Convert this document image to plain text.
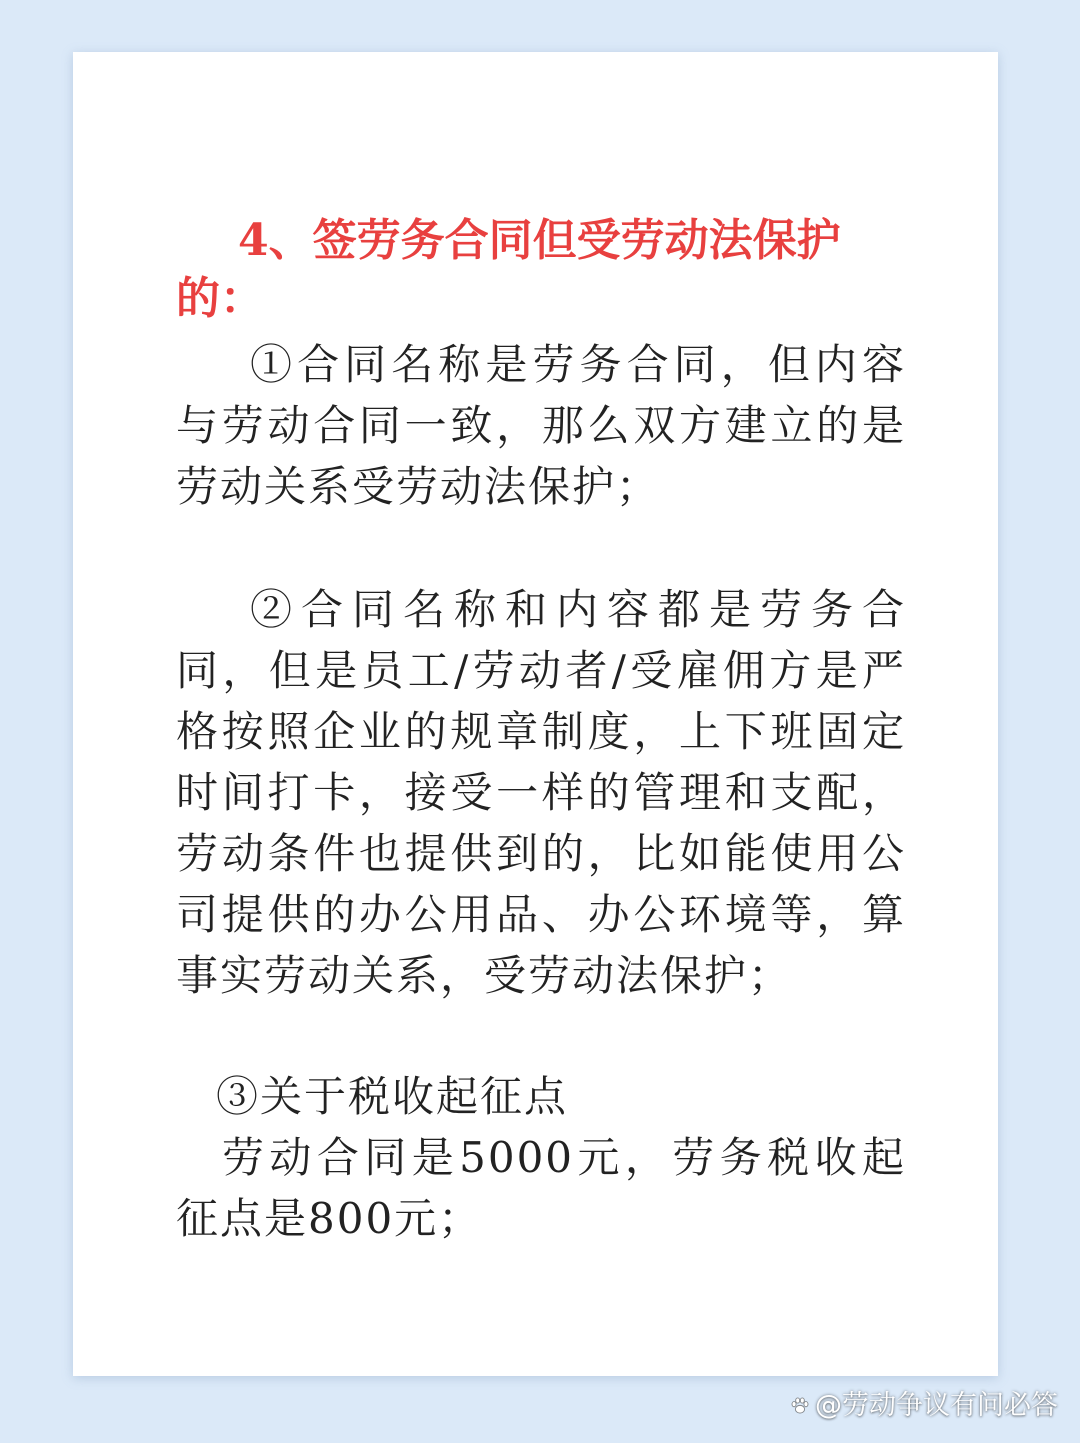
4、签劳务合同但受劳动法保护
的：

①合同名称是劳务合同，但内容与劳动合同一致，那么双方建立的是劳动关系受劳动法保护；

②合同名称和内容都是劳务合同，但是员工/劳动者/受雇佣方是严格按照企业的规章制度，上下班固定时间打卡，接受一样的管理和支配，劳动条件也提供到的，比如能使用公司提供的办公用品、办公环境等，算事实劳动关系，受劳动法保护；

③关于税收起征点

劳动合同是5000元，劳务税收起征点是800元；

@劳动争议有问必答
